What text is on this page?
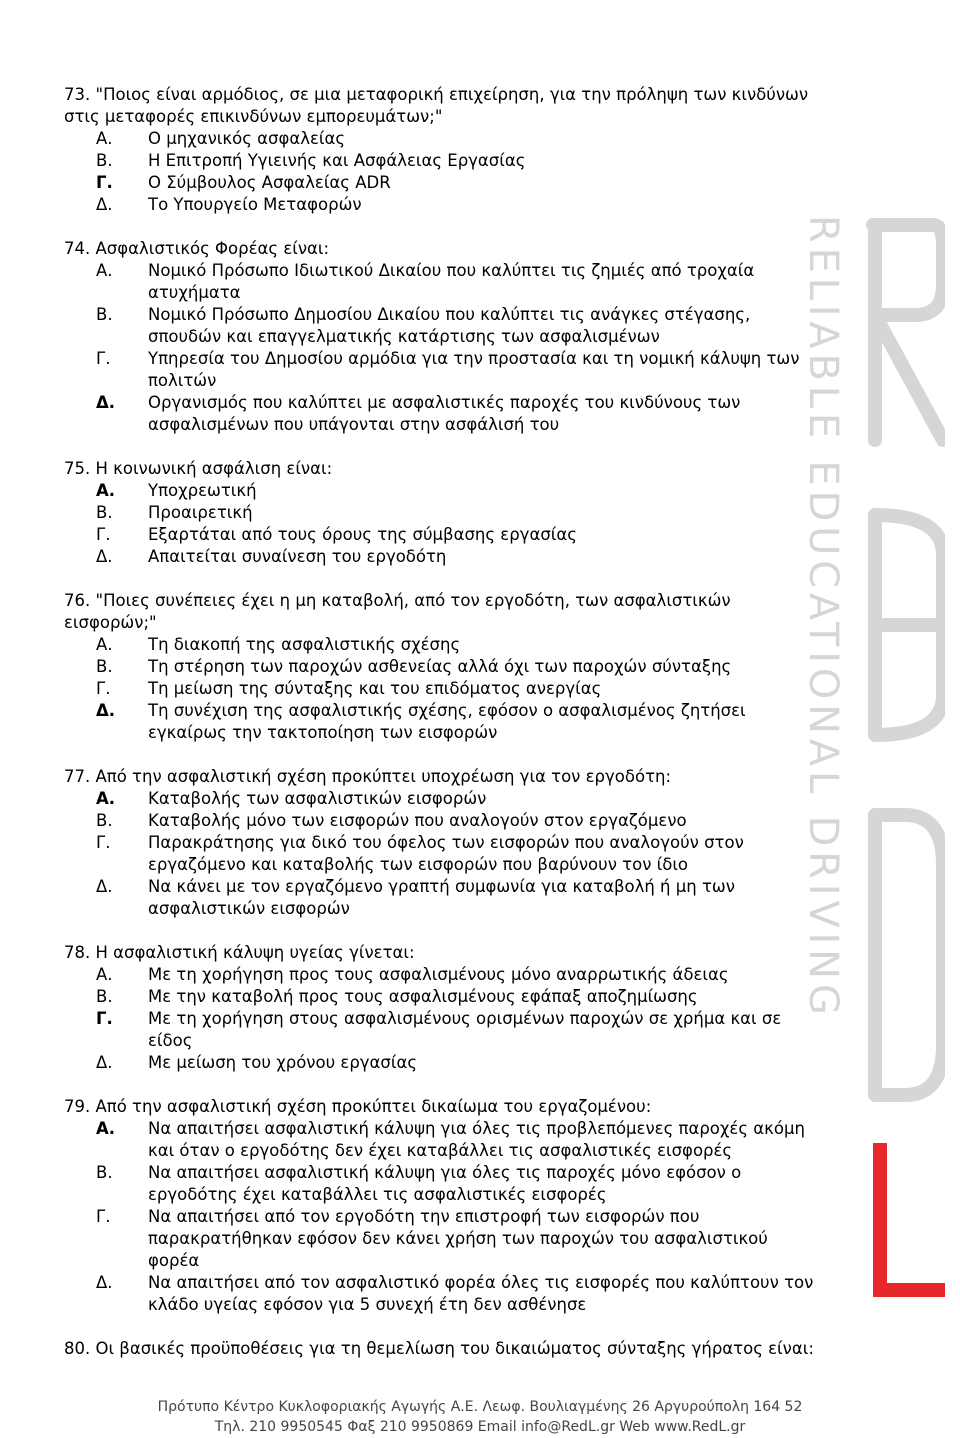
RELIABLE EDUCATIONAL DRIVING
73. "Ποιος είναι αρμόδιος, σε μια μεταφορική επιχείρηση, για την πρόληψη των κινδύνων στις μεταφορές επικινδύνων εμπορευμάτων;"
Α.	Ο μηχανικός ασφαλείας
Β.	Η Επιτροπή Υγιεινής και Ασφάλειας Εργασίας
Γ.	Ο Σύμβουλος Ασφαλείας ADR
Δ.	Το Υπουργείο Μεταφορών
74. Ασφαλιστικός Φορέας είναι:
Α.	Νομικό Πρόσωπο Ιδιωτικού Δικαίου που καλύπτει τις ζημιές από τροχαία ατυχήματα
Β.	Νομικό Πρόσωπο Δημοσίου Δικαίου που καλύπτει τις ανάγκες στέγασης, σπουδών και επαγγελματικής κατάρτισης των ασφαλισμένων
Γ.	Υπηρεσία του Δημοσίου αρμόδια για την προστασία και τη νομική κάλυψη των πολιτών
Δ.	Οργανισμός που καλύπτει με ασφαλιστικές παροχές του κινδύνους των ασφαλισμένων που υπάγονται στην ασφάλισή του
75. Η κοινωνική ασφάλιση είναι:
Α.	Υποχρεωτική
Β.	Προαιρετική
Γ.	Εξαρτάται από τους όρους της σύμβασης εργασίας
Δ.	Απαιτείται συναίνεση του εργοδότη
76. "Ποιες συνέπειες έχει η μη καταβολή, από τον εργοδότη, των ασφαλιστικών εισφορών;"
Α.	Τη διακοπή της ασφαλιστικής σχέσης
Β.	Τη στέρηση των παροχών ασθενείας αλλά όχι των παροχών σύνταξης
Γ.	Τη μείωση της σύνταξης και του επιδόματος ανεργίας
Δ.	Τη συνέχιση της ασφαλιστικής σχέσης, εφόσον ο ασφαλισμένος ζητήσει εγκαίρως την τακτοποίηση των εισφορών
77. Από την ασφαλιστική σχέση προκύπτει υποχρέωση για τον εργοδότη:
Α.	Καταβολής των ασφαλιστικών εισφορών
Β.	Καταβολής μόνο των εισφορών που αναλογούν στον εργαζόμενο
Γ.	Παρακράτησης για δικό του όφελος των εισφορών που αναλογούν στον εργαζόμενο και καταβολής των εισφορών που βαρύνουν τον ίδιο
Δ.	Να κάνει με τον εργαζόμενο γραπτή συμφωνία για καταβολή ή μη των ασφαλιστικών εισφορών
78. Η ασφαλιστική κάλυψη υγείας γίνεται:
Α.	Με τη χορήγηση προς τους ασφαλισμένους μόνο αναρρωτικής άδειας
Β.	Με την καταβολή προς τους ασφαλισμένους εφάπαξ αποζημίωσης
Γ.	Με τη χορήγηση στους ασφαλισμένους ορισμένων παροχών σε χρήμα και σε είδος
Δ.	Με μείωση του χρόνου εργασίας
79. Από την ασφαλιστική σχέση προκύπτει δικαίωμα του εργαζομένου:
Α.	Να απαιτήσει ασφαλιστική κάλυψη για όλες τις προβλεπόμενες παροχές ακόμη και όταν ο εργοδότης δεν έχει καταβάλλει τις ασφαλιστικές εισφορές
Β.	Να απαιτήσει ασφαλιστική κάλυψη για όλες τις παροχές μόνο εφόσον ο εργοδότης έχει καταβάλλει τις ασφαλιστικές εισφορές
Γ.	Να απαιτήσει από τον εργοδότη την επιστροφή των εισφορών που παρακρατήθηκαν εφόσον δεν κάνει χρήση των παροχών του ασφαλιστικού φορέα
Δ.	Να απαιτήσει από τον ασφαλιστικό φορέα όλες τις εισφορές που καλύπτουν τον κλάδο υγείας εφόσον για 5 συνεχή έτη δεν ασθένησε
80. Οι βασικές προϋποθέσεις για τη θεμελίωση του δικαιώματος σύνταξης γήρατος είναι:
Πρότυπο Κέντρο Κυκλοφοριακής Αγωγής Α.Ε. Λεωφ. Βουλιαγμένης 26 Αργυρούπολη 164 52
Τηλ. 210 9950545 Φαξ 210 9950869 Email info@RedL.gr Web www.RedL.gr
